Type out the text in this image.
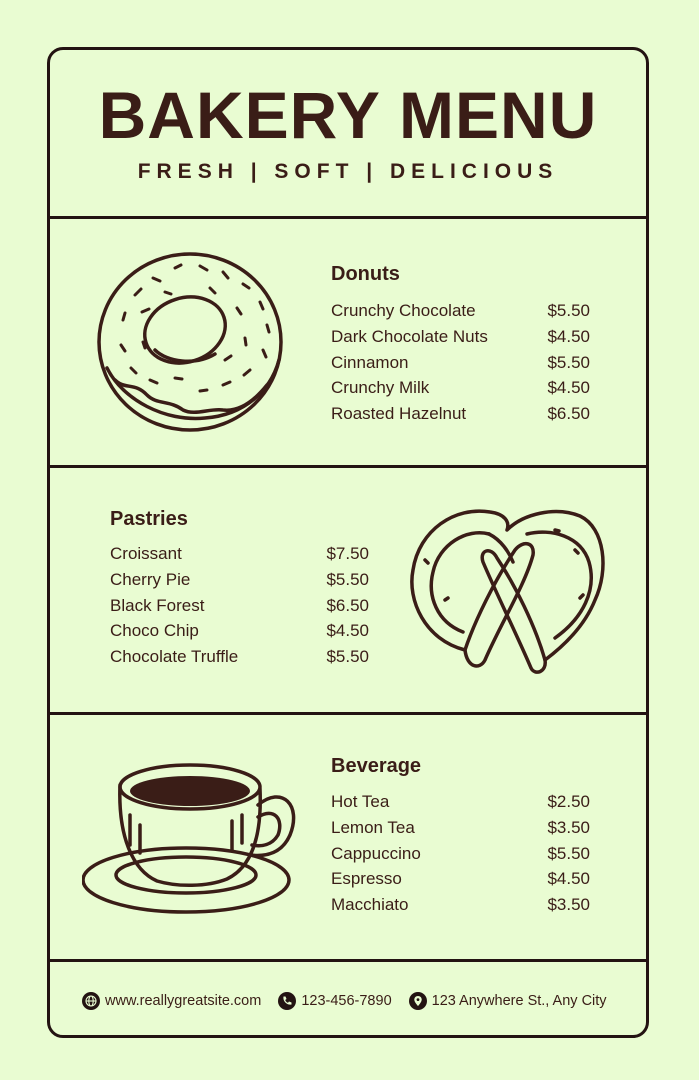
BAKERY MENU
FRESH | SOFT | DELICIOUS
Donuts
Crunchy Chocolate	$5.50
Dark Chocolate Nuts	$4.50
Cinnamon	$5.50
Crunchy Milk	$4.50
Roasted Hazelnut	$6.50
Pastries
Croissant	$7.50
Cherry Pie	$5.50
Black Forest	$6.50
Choco Chip	$4.50
Chocolate Truffle	$5.50
Beverage
Hot Tea	$2.50
Lemon Tea	$3.50
Cappuccino	$5.50
Espresso	$4.50
Macchiato	$3.50
www.reallygreatsite.com	123-456-7890	123 Anywhere St., Any City
